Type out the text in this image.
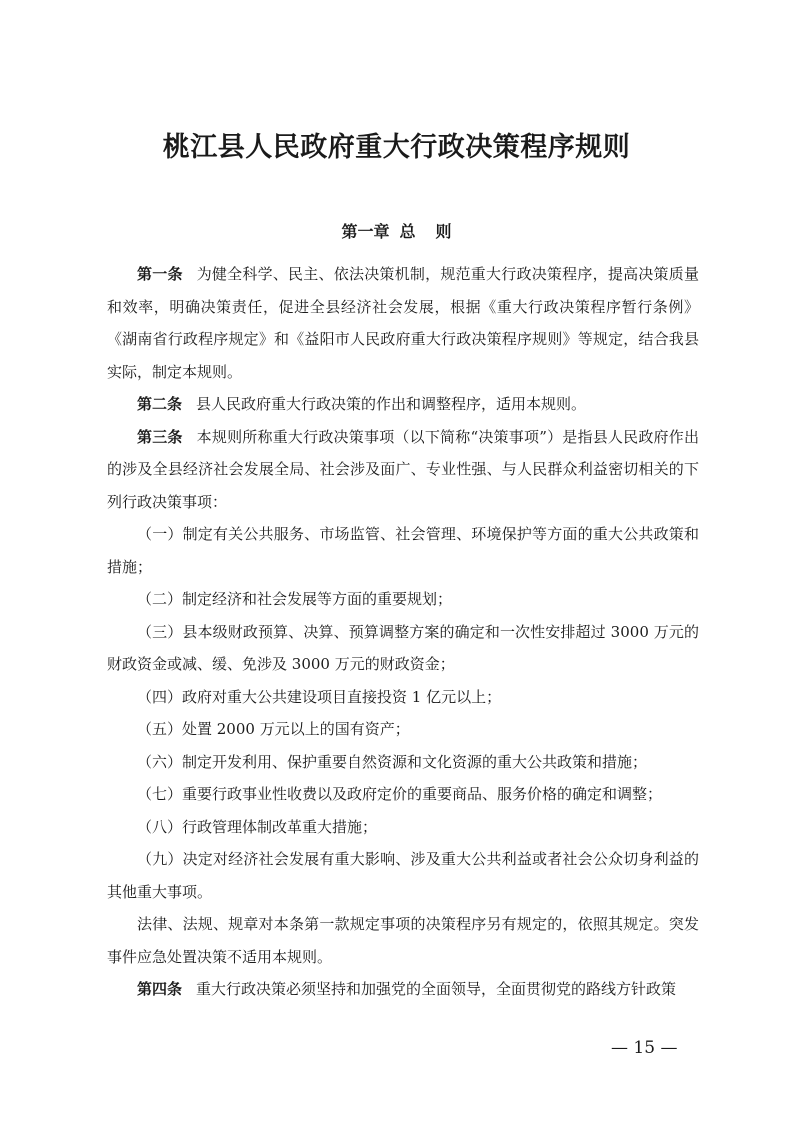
桃江县人民政府重大行政决策程序规则
第一章 总 则

第一条 为健全科学、民主、依法决策机制，规范重大行政决策程序，提高决策质量和效率，明确决策责任，促进全县经济社会发展，根据《重大行政决策程序暂行条例》《湖南省行政程序规定》和《益阳市人民政府重大行政决策程序规则》等规定，结合我县实际，制定本规则。

第二条 县人民政府重大行政决策的作出和调整程序，适用本规则。

第三条 本规则所称重大行政决策事项（以下简称“决策事项”）是指县人民政府作出的涉及全县经济社会发展全局、社会涉及面广、专业性强、与人民群众利益密切相关的下列行政决策事项：

（一）制定有关公共服务、市场监管、社会管理、环境保护等方面的重大公共政策和措施；

（二）制定经济和社会发展等方面的重要规划；

（三）县本级财政预算、决算、预算调整方案的确定和一次性安排超过 3000 万元的财政资金或减、缓、免涉及 3000 万元的财政资金；

（四）政府对重大公共建设项目直接投资 1 亿元以上；

（五）处置 2000 万元以上的国有资产；

（六）制定开发利用、保护重要自然资源和文化资源的重大公共政策和措施；

（七）重要行政事业性收费以及政府定价的重要商品、服务价格的确定和调整；

（八）行政管理体制改革重大措施；

（九）决定对经济社会发展有重大影响、涉及重大公共利益或者社会公众切身利益的其他重大事项。

法律、法规、规章对本条第一款规定事项的决策程序另有规定的，依照其规定。突发事件应急处置决策不适用本规则。

第四条 重大行政决策必须坚持和加强党的全面领导，全面贯彻党的路线方针政策

— 15 —
